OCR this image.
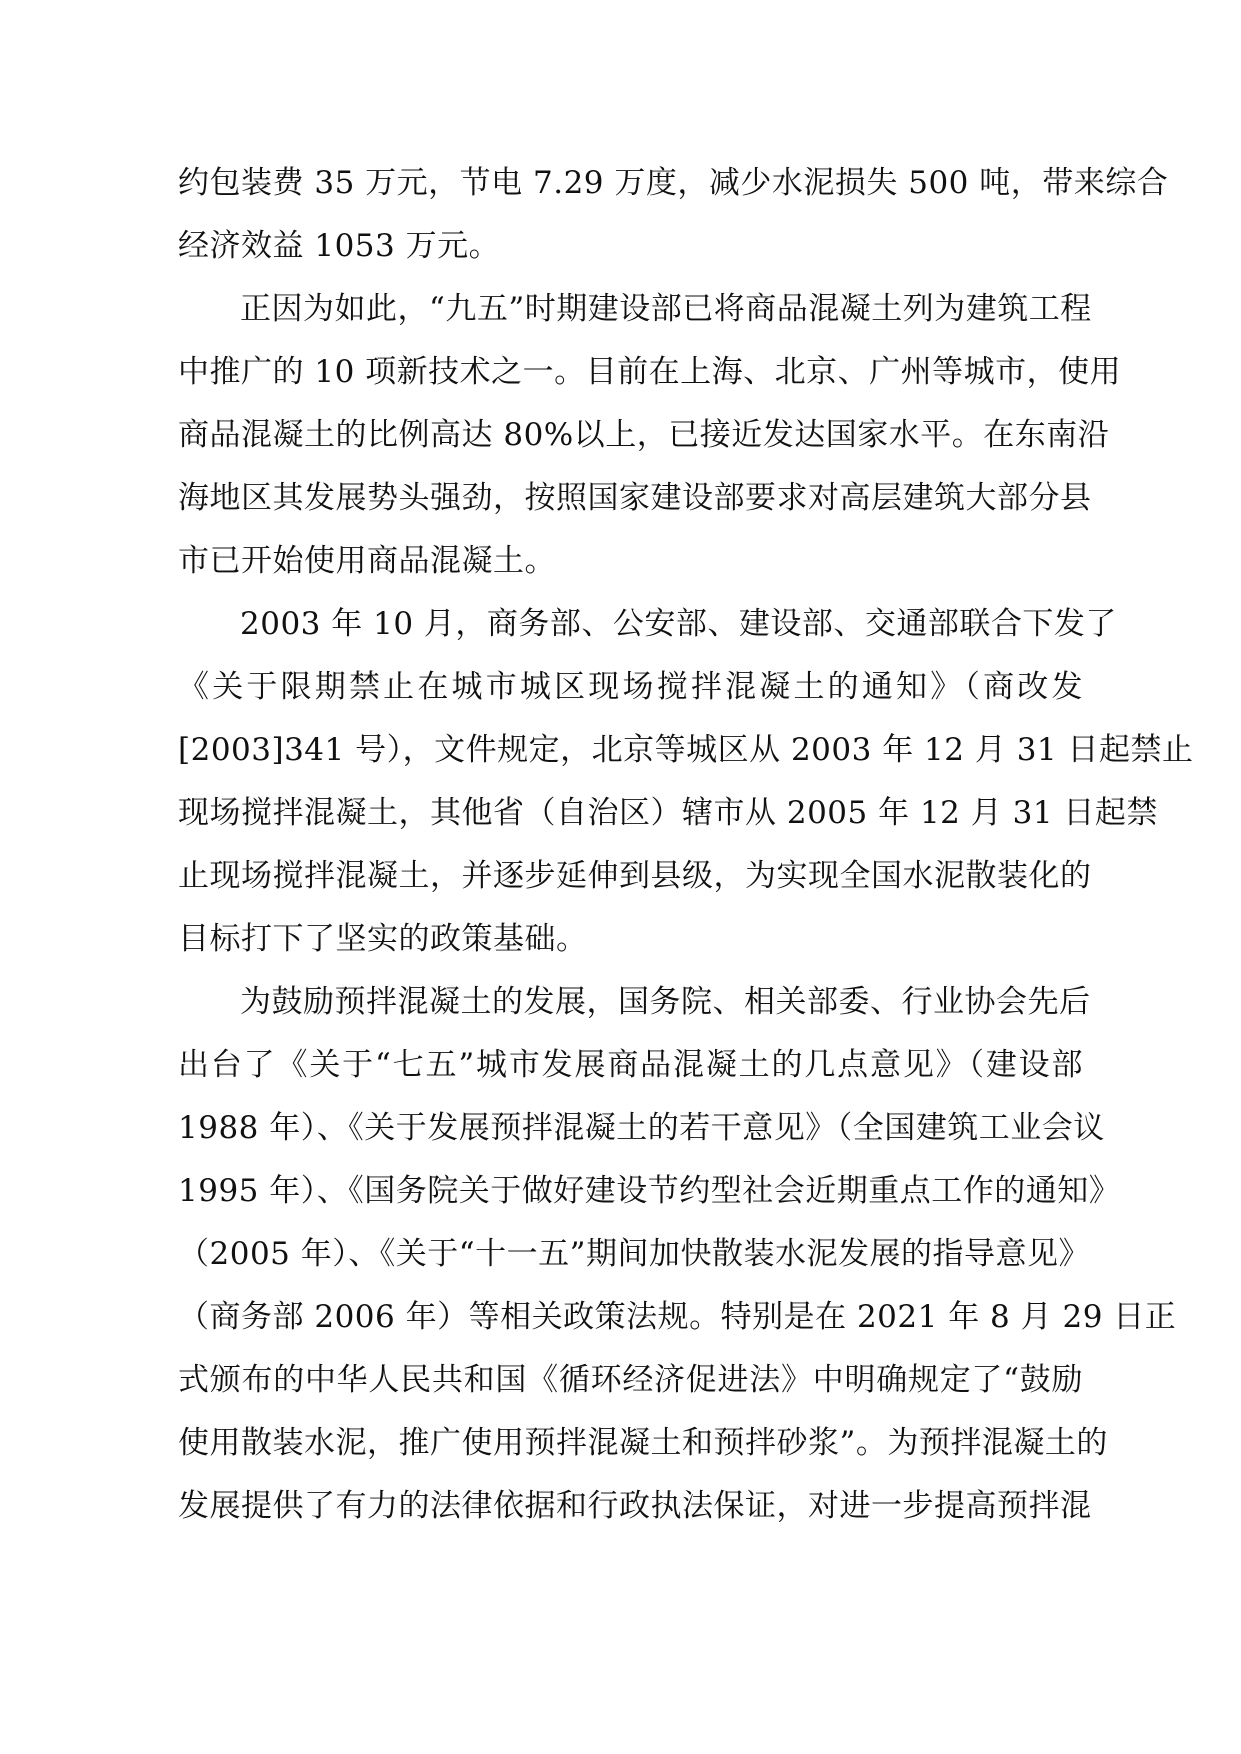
约包装费 35 万元，节电 7.29 万度，减少水泥损失 500 吨，带来综合
经济效益 1053 万元。
正因为如此，“九五”时期建设部已将商品混凝土列为建筑工程
中推广的 10 项新技术之一。目前在上海、北京、广州等城市，使用
商品混凝土的比例高达 80%以上，已接近发达国家水平。在东南沿
海地区其发展势头强劲，按照国家建设部要求对高层建筑大部分县
市已开始使用商品混凝土。
2003 年 10 月，商务部、公安部、建设部、交通部联合下发了
《关于限期禁止在城市城区现场搅拌混凝土的通知》（商改发
[2003]341 号），文件规定，北京等城区从 2003 年 12 月 31 日起禁止
现场搅拌混凝土，其他省（自治区）辖市从 2005 年 12 月 31 日起禁
止现场搅拌混凝土，并逐步延伸到县级，为实现全国水泥散装化的
目标打下了坚实的政策基础。
为鼓励预拌混凝土的发展，国务院、相关部委、行业协会先后
出台了《关于“七五”城市发展商品混凝土的几点意见》（建设部
1988 年）、《关于发展预拌混凝土的若干意见》（全国建筑工业会议
1995 年）、《国务院关于做好建设节约型社会近期重点工作的通知》
（2005 年）、《关于“十一五”期间加快散装水泥发展的指导意见》
（商务部 2006 年）等相关政策法规。特别是在 2021 年 8 月 29 日正
式颁布的中华人民共和国《循环经济促进法》中明确规定了“鼓励
使用散装水泥，推广使用预拌混凝土和预拌砂浆”。为预拌混凝土的
发展提供了有力的法律依据和行政执法保证，对进一步提高预拌混
